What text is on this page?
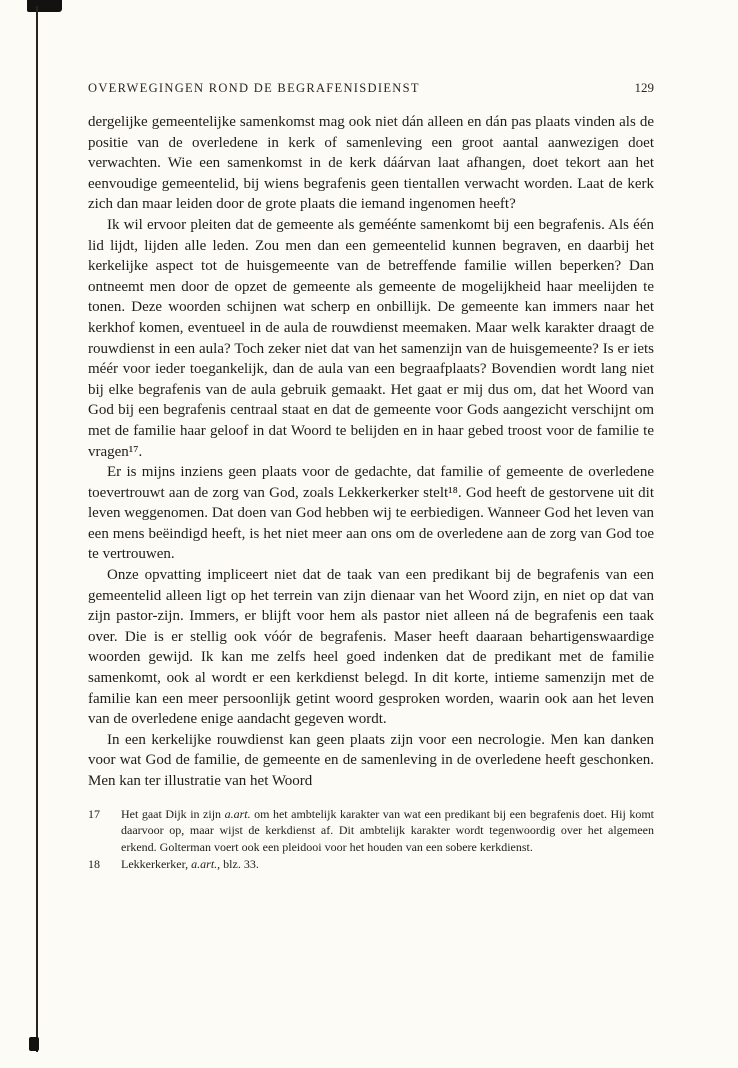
OVERWEGINGEN ROND DE BEGRAFENISDIENST	129

dergelijke gemeentelijke samenkomst mag ook niet dán alleen en dán pas plaats vinden als de positie van de overledene in kerk of samenleving een groot aantal aanwezigen doet verwachten. Wie een samenkomst in de kerk dáárvan laat afhangen, doet tekort aan het eenvoudige gemeentelid, bij wiens begrafenis geen tientallen verwacht worden. Laat de kerk zich dan maar leiden door de grote plaats die iemand ingenomen heeft?

Ik wil ervoor pleiten dat de gemeente als geméénte samenkomt bij een begrafenis. Als één lid lijdt, lijden alle leden. Zou men dan een gemeentelid kunnen begraven, en daarbij het kerkelijke aspect tot de huisgemeente van de betreffende familie willen beperken? Dan ontneemt men door de opzet de gemeente als gemeente de mogelijkheid haar meelijden te tonen. Deze woorden schijnen wat scherp en onbillijk. De gemeente kan immers naar het kerkhof komen, eventueel in de aula de rouwdienst meemaken. Maar welk karakter draagt de rouwdienst in een aula? Toch zeker niet dat van het samenzijn van de huisgemeente? Is er iets méér voor ieder toegankelijk, dan de aula van een begraafplaats? Bovendien wordt lang niet bij elke begrafenis van de aula gebruik gemaakt. Het gaat er mij dus om, dat het Woord van God bij een begrafenis centraal staat en dat de gemeente voor Gods aangezicht verschijnt om met de familie haar geloof in dat Woord te belijden en in haar gebed troost voor de familie te vragen¹⁷.

Er is mijns inziens geen plaats voor de gedachte, dat familie of gemeente de overledene toevertrouwt aan de zorg van God, zoals Lekkerkerker stelt¹⁸. God heeft de gestorvene uit dit leven weggenomen. Dat doen van God hebben wij te eerbiedigen. Wanneer God het leven van een mens beëindigd heeft, is het niet meer aan ons om de overledene aan de zorg van God toe te vertrouwen.

Onze opvatting impliceert niet dat de taak van een predikant bij de begrafenis van een gemeentelid alleen ligt op het terrein van zijn dienaar van het Woord zijn, en niet op dat van zijn pastor-zijn. Immers, er blijft voor hem als pastor niet alleen ná de begrafenis een taak over. Die is er stellig ook vóór de begrafenis. Maser heeft daaraan behartigenswaardige woorden gewijd. Ik kan me zelfs heel goed indenken dat de predikant met de familie samenkomt, ook al wordt er een kerkdienst belegd. In dit korte, intieme samenzijn met de familie kan een meer persoonlijk getint woord gesproken worden, waarin ook aan het leven van de overledene enige aandacht gegeven wordt.

In een kerkelijke rouwdienst kan geen plaats zijn voor een necrologie. Men kan danken voor wat God de familie, de gemeente en de samenleving in de overledene heeft geschonken. Men kan ter illustratie van het Woord

17 Het gaat Dijk in zijn a.art. om het ambtelijk karakter van wat een predikant bij een begrafenis doet. Hij komt daarvoor op, maar wijst de kerkdienst af. Dit ambtelijk karakter wordt tegenwoordig over het algemeen erkend. Golterman voert ook een pleidooi voor het houden van een sobere kerkdienst.
18 Lekkerkerker, a.art., blz. 33.
